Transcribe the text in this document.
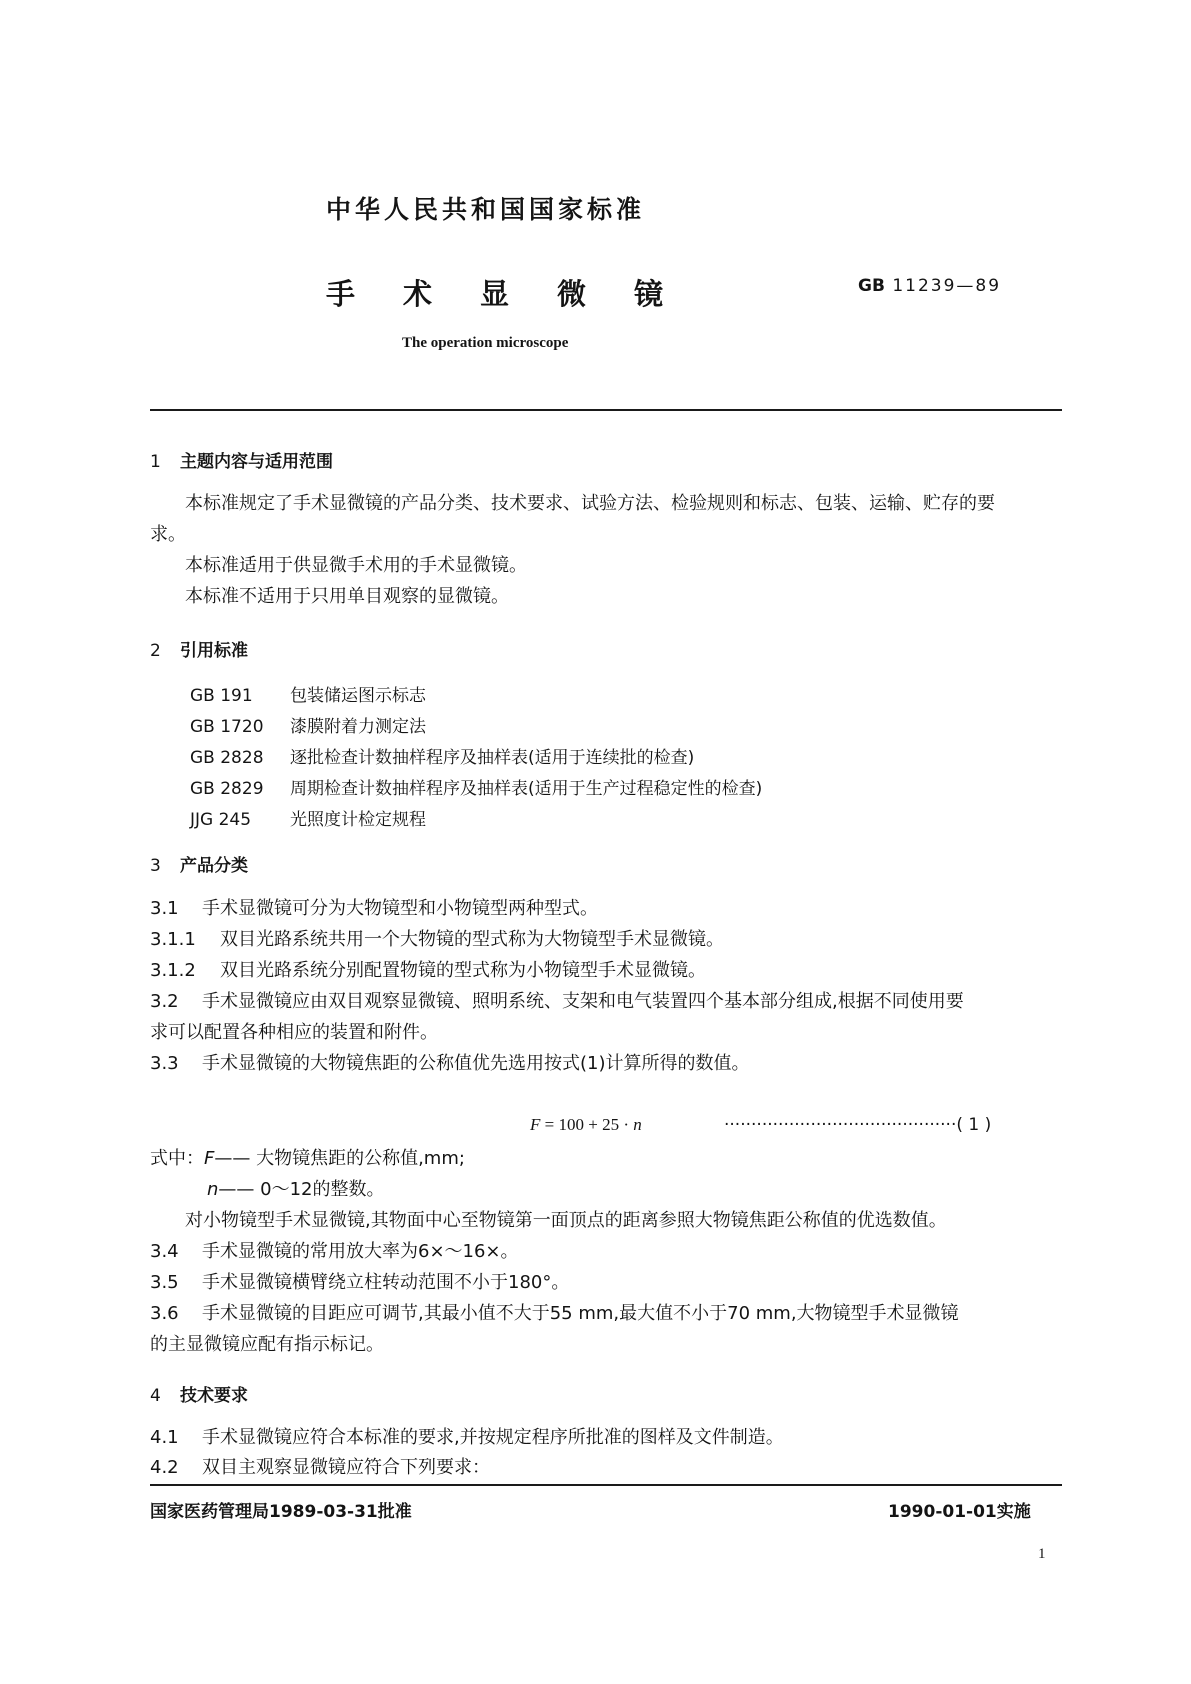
中华人民共和国国家标准
手术显微镜	GB 11239—89
The operation microscope
1 主题内容与适用范围
本标准规定了手术显微镜的产品分类、技术要求、试验方法、检验规则和标志、包装、运输、贮存的要
求。
本标准适用于供显微手术用的手术显微镜。
本标准不适用于只用单目观察的显微镜。
2 引用标准
GB 191 包装储运图示标志
GB 1720 漆膜附着力测定法
GB 2828 逐批检查计数抽样程序及抽样表(适用于连续批的检查)
GB 2829 周期检查计数抽样程序及抽样表(适用于生产过程稳定性的检查)
JJG 245 光照度计检定规程
3 产品分类
3.1 手术显微镜可分为大物镜型和小物镜型两种型式。
3.1.1 双目光路系统共用一个大物镜的型式称为大物镜型手术显微镜。
3.1.2 双目光路系统分别配置物镜的型式称为小物镜型手术显微镜。
3.2 手术显微镜应由双目观察显微镜、照明系统、支架和电气装置四个基本部分组成,根据不同使用要
求可以配置各种相应的装置和附件。
3.3 手术显微镜的大物镜焦距的公称值优先选用按式(1)计算所得的数值。
F = 100 + 25 · n	···········································( 1 )
式中：F—— 大物镜焦距的公称值,mm;
n—— 0～12的整数。
对小物镜型手术显微镜,其物面中心至物镜第一面顶点的距离参照大物镜焦距公称值的优选数值。
3.4 手术显微镜的常用放大率为6×～16×。
3.5 手术显微镜横臂绕立柱转动范围不小于180°。
3.6 手术显微镜的目距应可调节,其最小值不大于55 mm,最大值不小于70 mm,大物镜型手术显微镜
的主显微镜应配有指示标记。
4 技术要求
4.1 手术显微镜应符合本标准的要求,并按规定程序所批准的图样及文件制造。
4.2 双目主观察显微镜应符合下列要求：
国家医药管理局1989-03-31批准	1990-01-01实施
1
